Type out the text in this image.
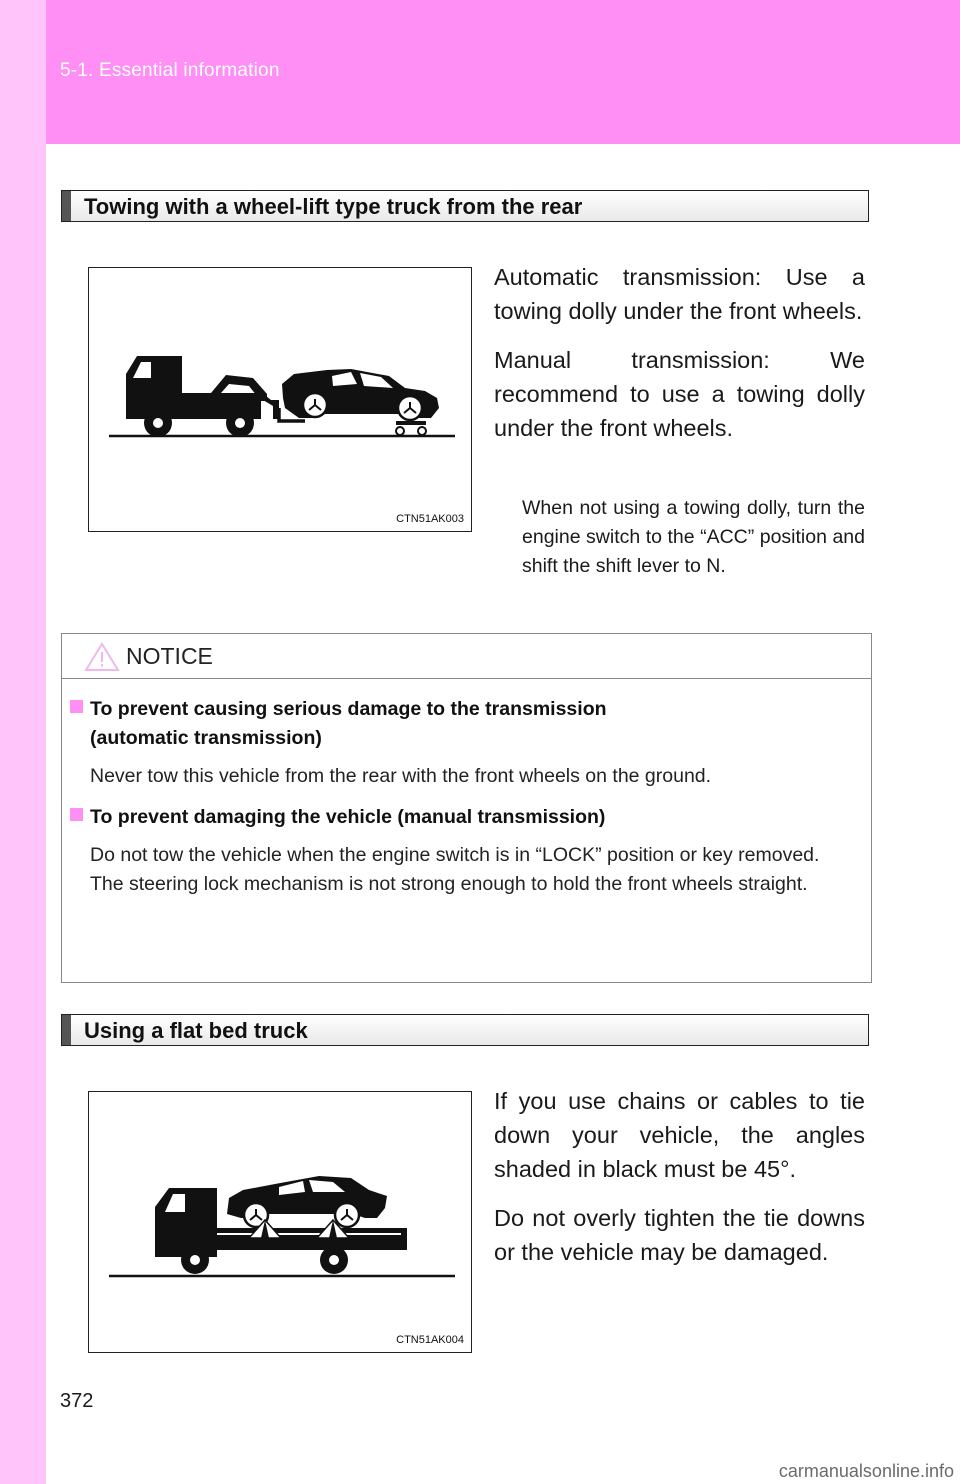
5-1. Essential information
Towing with a wheel-lift type truck from the rear
CTN51AK003

Automatic transmission: Use a towing dolly under the front wheels.

Manual transmission: We recommend to use a towing dolly under the front wheels.

When not using a towing dolly, turn the engine switch to the “ACC” position and shift the shift lever to N.
NOTICE
To prevent causing serious damage to the transmission
(automatic transmission)
Never tow this vehicle from the rear with the front wheels on the ground.
To prevent damaging the vehicle (manual transmission)
Do not tow the vehicle when the engine switch is in “LOCK” position or key removed.
The steering lock mechanism is not strong enough to hold the front wheels straight.
Using a flat bed truck
CTN51AK004

If you use chains or cables to tie down your vehicle, the angles shaded in black must be 45°.

Do not overly tighten the tie downs or the vehicle may be damaged.

372
carmanualsonline.info
